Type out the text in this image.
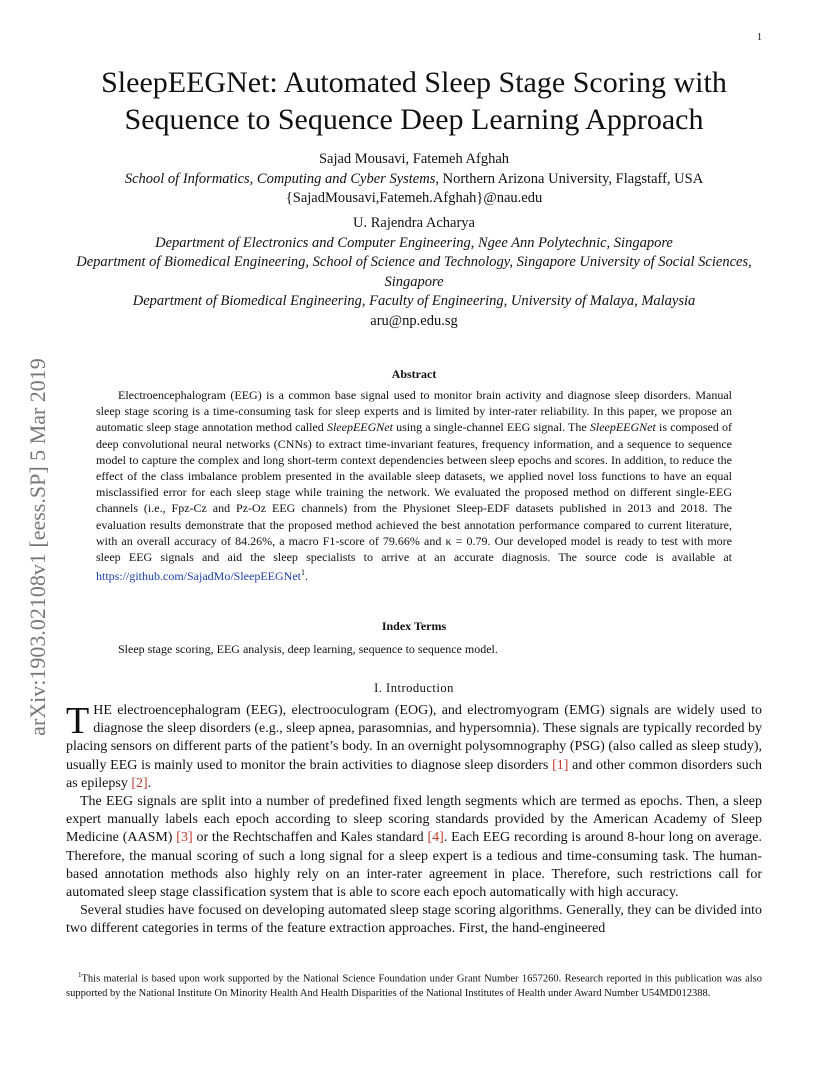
1
arXiv:1903.02108v1 [eess.SP] 5 Mar 2019
SleepEEGNet: Automated Sleep Stage Scoring with Sequence to Sequence Deep Learning Approach
Sajad Mousavi, Fatemeh Afghah
School of Informatics, Computing and Cyber Systems, Northern Arizona University, Flagstaff, USA
{SajadMousavi,Fatemeh.Afghah}@nau.edu
U. Rajendra Acharya
Department of Electronics and Computer Engineering, Ngee Ann Polytechnic, Singapore
Department of Biomedical Engineering, School of Science and Technology, Singapore University of Social Sciences, Singapore
Department of Biomedical Engineering, Faculty of Engineering, University of Malaya, Malaysia
aru@np.edu.sg
Abstract

Electroencephalogram (EEG) is a common base signal used to monitor brain activity and diagnose sleep disorders. Manual sleep stage scoring is a time-consuming task for sleep experts and is limited by inter-rater reliability. In this paper, we propose an automatic sleep stage annotation method called SleepEEGNet using a single-channel EEG signal. The SleepEEGNet is composed of deep convolutional neural networks (CNNs) to extract time-invariant features, frequency information, and a sequence to sequence model to capture the complex and long short-term context dependencies between sleep epochs and scores. In addition, to reduce the effect of the class imbalance problem presented in the available sleep datasets, we applied novel loss functions to have an equal misclassified error for each sleep stage while training the network. We evaluated the proposed method on different single-EEG channels (i.e., Fpz-Cz and Pz-Oz EEG channels) from the Physionet Sleep-EDF datasets published in 2013 and 2018. The evaluation results demonstrate that the proposed method achieved the best annotation performance compared to current literature, with an overall accuracy of 84.26%, a macro F1-score of 79.66% and κ = 0.79. Our developed model is ready to test with more sleep EEG signals and aid the sleep specialists to arrive at an accurate diagnosis. The source code is available at https://github.com/SajadMo/SleepEEGNet$^1$.

Index Terms

Sleep stage scoring, EEG analysis, deep learning, sequence to sequence model.

I. Introduction

THE electroencephalogram (EEG), electrooculogram (EOG), and electromyogram (EMG) signals are widely used to diagnose the sleep disorders (e.g., sleep apnea, parasomnias, and hypersomnia). These signals are typically recorded by placing sensors on different parts of the patient’s body. In an overnight polysomnography (PSG) (also called as sleep study), usually EEG is mainly used to monitor the brain activities to diagnose sleep disorders [1] and other common disorders such as epilepsy [2].

The EEG signals are split into a number of predefined fixed length segments which are termed as epochs. Then, a sleep expert manually labels each epoch according to sleep scoring standards provided by the American Academy of Sleep Medicine (AASM) [3] or the Rechtschaffen and Kales standard [4]. Each EEG recording is around 8-hour long on average. Therefore, the manual scoring of such a long signal for a sleep expert is a tedious and time-consuming task. The human-based annotation methods also highly rely on an inter-rater agreement in place. Therefore, such restrictions call for automated sleep stage classification system that is able to score each epoch automatically with high accuracy.

Several studies have focused on developing automated sleep stage scoring algorithms. Generally, they can be divided into two different categories in terms of the feature extraction approaches. First, the hand-engineered

$^1$This material is based upon work supported by the National Science Foundation under Grant Number 1657260. Research reported in this publication was also supported by the National Institute On Minority Health And Health Disparities of the National Institutes of Health under Award Number U54MD012388.
